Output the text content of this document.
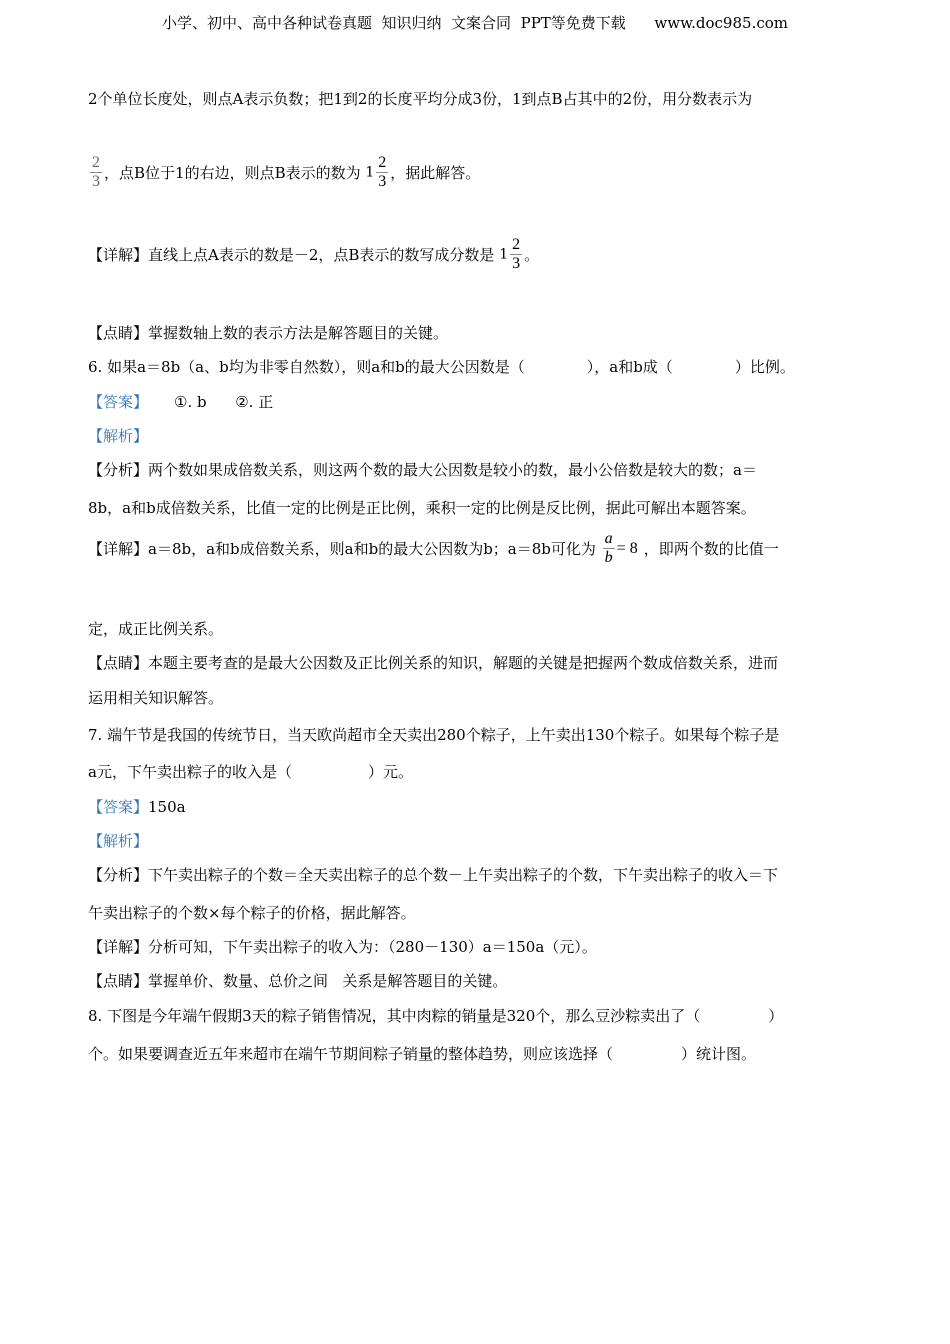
小学、初中、高中各种试卷真题  知识归纳  文案合同  PPT等免费下载      www.doc985.com
2个单位长度处，则点A表示负数；把1到2的长度平均分成3份，1到点B占其中的2份，用分数表示为
$\frac{2}{3}$ ，点B位于1的右边，则点B表示的数为 $1 \frac{2}{3}$ ，据此解答。
【详解】直线上点A表示的数是－2，点B表示的数写成分数是 $1 \frac{2}{3}$ 。
【点睛】掌握数轴上数的表示方法是解答题目的关键。
6. 如果a＝8b（a、b均为非零自然数），则a和b的最大公因数是（	），a和b成（	）比例。
【答案】 ①. b      ②. 正
【解析】
【分析】两个数如果成倍数关系，则这两个数的最大公因数是较小的数，最小公倍数是较大的数；a＝
8b，a和b成倍数关系，比值一定的比例是正比例，乘积一定的比例是反比例，据此可解出本题答案。
【详解】a＝8b，a和b成倍数关系，则a和b的最大公因数为b；a＝8b可化为 $\frac{a}{b} = 8$ ，即两个数的比值一
定，成正比例关系。
【点睛】本题主要考查的是最大公因数及正比例关系的知识，解题的关键是把握两个数成倍数关系，进而
运用相关知识解答。
7. 端午节是我国的传统节日，当天欧尚超市全天卖出280个粽子，上午卖出130个粽子。如果每个粽子是
a元，下午卖出粽子的收入是（	）元。
【答案】150a
【解析】
【分析】下午卖出粽子的个数＝全天卖出粽子的总个数－上午卖出粽子的个数，下午卖出粽子的收入＝下
午卖出粽子的个数×每个粽子的价格，据此解答。
【详解】分析可知，下午卖出粽子的收入为：（280－130）a＝150a（元）。
【点睛】掌握单价、数量、总价之间   关系是解答题目的关键。
8. 下图是今年端午假期3天的粽子销售情况，其中肉粽的销量是320个，那么豆沙粽卖出了（	）
个。如果要调查近五年来超市在端午节期间粽子销量的整体趋势，则应该选择（	）统计图。
